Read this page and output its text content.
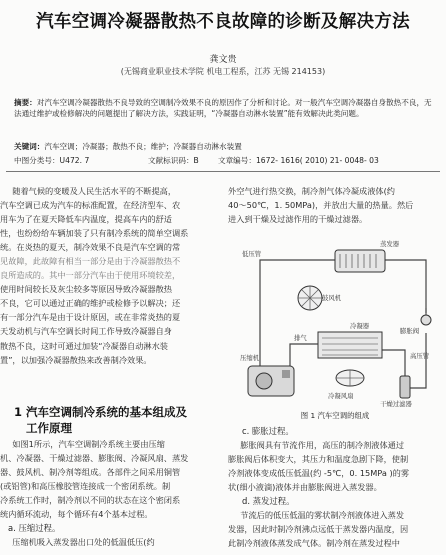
汽车空调冷凝器散热不良故障的诊断及解决方法
龚文贵
(无锡商业职业技术学院 机电工程系，江苏 无锡 214153)
摘要：对汽车空调冷凝器散热不良导致的空调制冷效果不良的原因作了分析和讨论。对一般汽车空调冷凝器自身散热不良，无法通过维护或检修解决的问题提出了解决方法，实践证明，“冷凝器自动淋水装置”能有效解决此类问题。
关键词：汽车空调；冷凝器；散热不良；维护；冷凝器自动淋水装置
中图分类号：U472. 7	文献标识码：B	文章编号：1672- 1616( 2010) 21- 0048- 03

随着气候的变暖及人民生活水平的不断提高，

汽车空调已成为汽车的标准配置，在经济型车、农

用车为了在夏天降低车内温度，提高车内的舒适

性，也纷纷给车辆加装了只有制冷系统的简单空调系

统。在炎热的夏天，制冷效果不良是汽车空调的常

见故障，此故障有相当一部分是由于冷凝器散热不

良所造成的。其中一部分汽车由于使用环境较差，

使用时间较长及灰尘较多等原因导致冷凝器散热

不良，它可以通过正确的维护或检修予以解决；还

有一部分汽车是由于设计原因，或在非常炎热的夏

天发动机与汽车空调长时间工作导致冷凝器自身

散热不良，这时可通过加装“冷凝器自动淋水装

置”，以加强冷凝器散热来改善制冷效果。

1 汽车空调制冷系统的基本组成及
工作原理

如图1所示，汽车空调制冷系统主要由压缩

机、冷凝器、干燥过滤器、膨胀阀、冷凝风扇、蒸发

器、鼓风机、制冷剂等组成。各部件之间采用铜管

(或铝管)和高压橡胶管连接成一个密闭系统。制

冷系统工作时，制冷剂以不同的状态在这个密闭系

统内循环流动，每个循环有4个基本过程。

a. 压缩过程。

压缩机吸入蒸发器出口处的低温低压(约

外空气进行热交换，制冷剂气体冷凝成液体(约

40～50℃，1. 50MPa)，并放出大量的热量。然后

进入到干燥及过滤作用的干燥过滤器。

低压管
蒸发器
膨胀阀
鼓风机
冷凝器
干燥过滤器
压缩机	高压管
排气
冷凝风扇
图 1 汽车空调的组成

c. 膨胀过程。

膨胀阀具有节流作用，高压的制冷剂液体通过

膨胀阀后体积变大，其压力和温度急剧下降，使制

冷剂液体变成低压低温(约 -5℃，0. 15MPa )的雾

状(细小液滴)液体并由膨胀阀进入蒸发器。

d. 蒸发过程。

节流后的低压低温的雾状制冷剂液体进入蒸发

发器，因此时制冷剂沸点远低于蒸发器内温度，因

此制冷剂液体蒸发成气体。制冷剂在蒸发过程中
